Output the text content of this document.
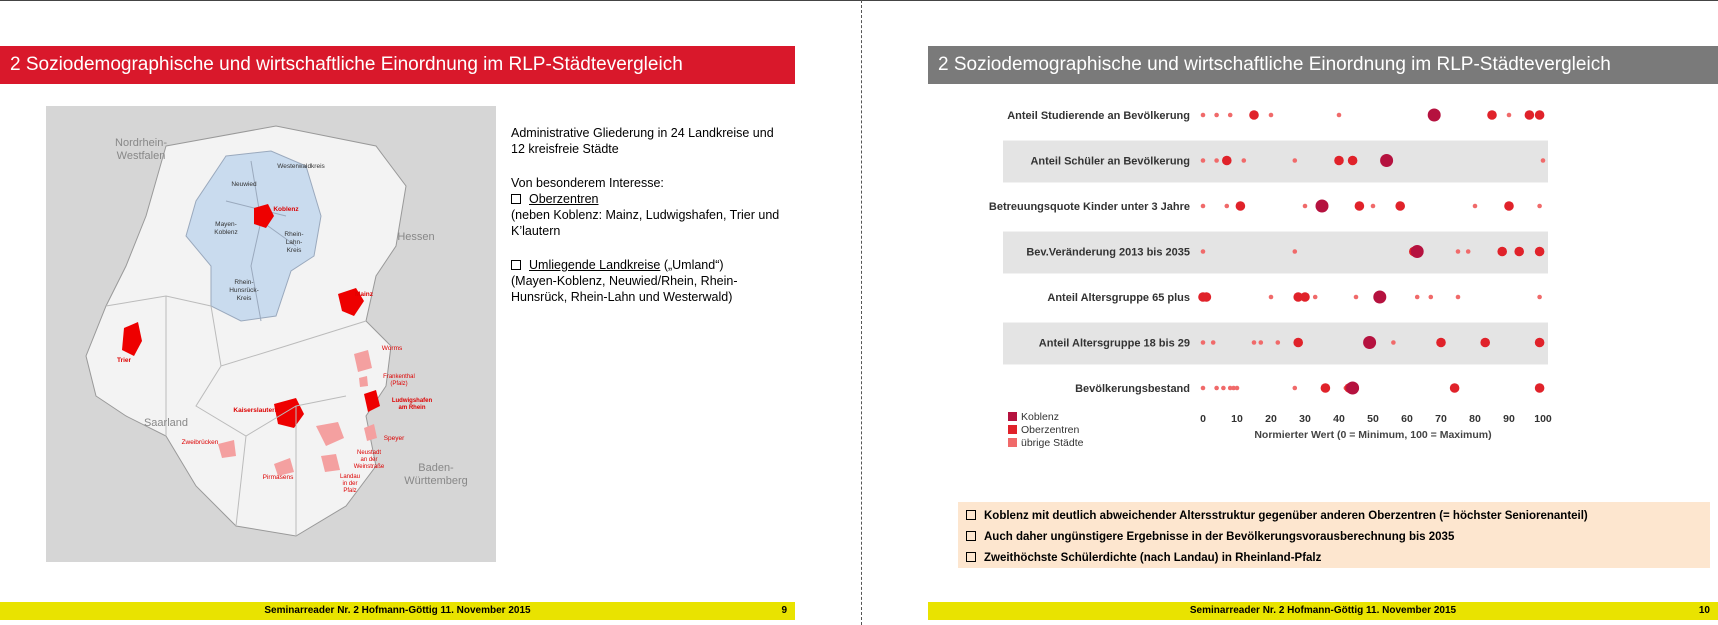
2 Soziodemographische und wirtschaftliche Einordnung im RLP-Städtevergleich
Nordrhein-
Westfalen
Hessen
Saarland
Baden-
Württemberg
Neuwied
Westerwaldkreis
Koblenz
Mayen-
Koblenz	Rhein-
Lahn-
Kreis
Rhein-
Hunsrück-
Kreis
Mainz
Trier
Worms
Frankenthal
(Pfalz)
Ludwigshafen
am Rhein
Kaiserslautern
Zweibrücken
Speyer
Pirmasens
Neustadt
an der
Weinstraße
Landau
in der
Pfalz

Administrative Gliederung in 24 Landkreise und 12 kreisfreie Städte

Von besonderem Interesse:
Oberzentren
(neben Koblenz: Mainz, Ludwigshafen, Trier und K’lautern

Umliegende Landkreise („Umland“)
(Mayen-Koblenz, Neuwied/Rhein, Rhein-Hunsrück, Rhein-Lahn und Westerwald)

Seminarreader Nr. 2 Hofmann-Göttig 11. November 2015	9
2 Soziodemographische und wirtschaftliche Einordnung im RLP-Städtevergleich
Anteil Studierende an Bevölkerung
Anteil Schüler an Bevölkerung
Betreuungsquote Kinder unter 3 Jahre
Bev.Veränderung 2013 bis 2035
Anteil Altersgruppe 65 plus
Anteil Altersgruppe 18 bis 29
Bevölkerungsbestand
0 10 20 30 40 50 60 70 80 90 100
Normierter Wert (0 = Minimum, 100 = Maximum)
Koblenz
Oberzentren
übrige Städte
Koblenz mit deutlich abweichender Altersstruktur gegenüber anderen Oberzentren (= höchster Seniorenanteil)
Auch daher ungünstigere Ergebnisse in der Bevölkerungsvorausberechnung bis 2035
Zweithöchste Schülerdichte (nach Landau) in Rheinland-Pfalz
Seminarreader Nr. 2 Hofmann-Göttig 11. November 2015	10
